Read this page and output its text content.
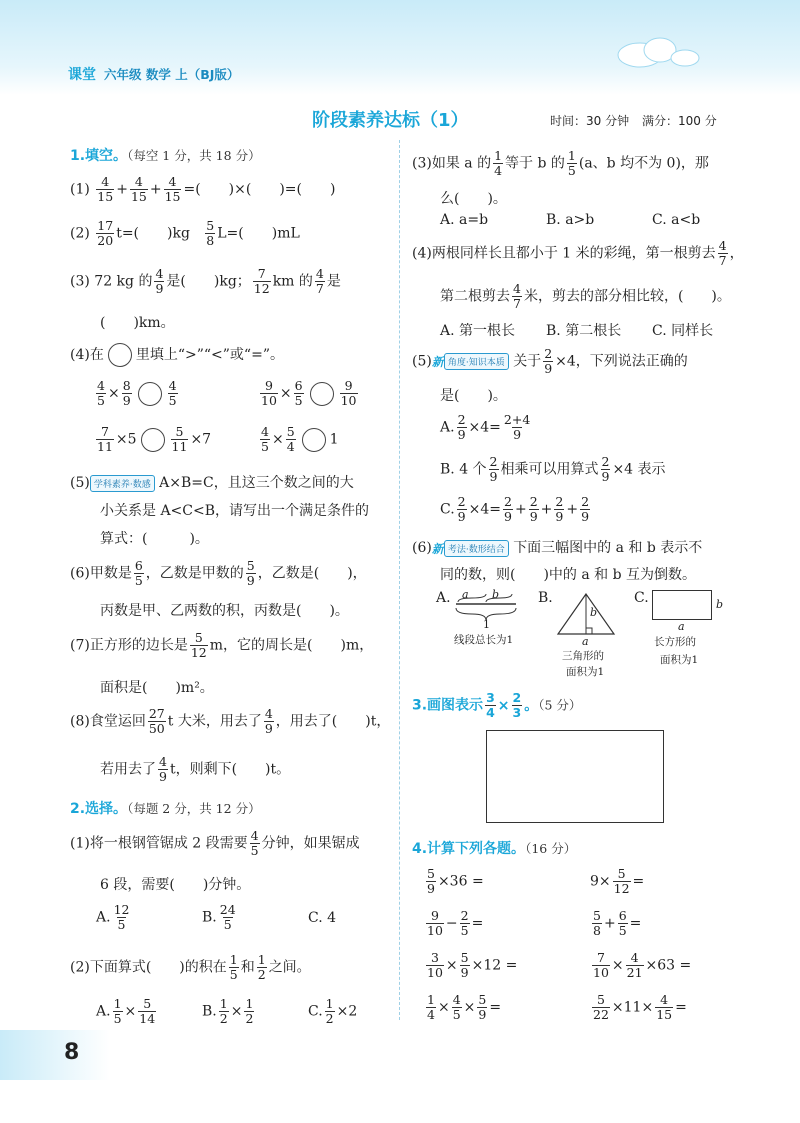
课堂 六年级 数学 上（BJ版）
阶段素养达标（1）	时间：30 分钟 满分：100 分
1.填空。（每空 1 分，共 18 分）
$(1) \frac{4}{15} + \frac{4}{15} + \frac{4}{15}$ =(　　)×(　　)=(　　)
$(2) \frac{17}{20} t=$(　　)$kg \frac{5}{8} L=$(　　)mL
(3) 72 kg 的 $\frac{4}{9}$ 是(　　)kg； $\frac{7}{12}$ km 的 $\frac{4}{7}$ 是
(　　)km。
(4)在 里填上“>”“<”或“=”。
$\frac{4}{5} \times \frac{8}{9}$	$\frac{4}{5}$	$\frac{9}{10} \times \frac{6}{5}$	$\frac{9}{10}$
$\frac{7}{11} \times 5$	$\frac{5}{11} \times 7$	$\frac{4}{5} \times \frac{5}{4} 1$
(5) 学科素养·数感 A×B=C，且这三个数之间的大
小关系是 A<C<B，请写出一个满足条件的
算式：(　　　)。
(6)甲数是 $\frac{6}{5}$ ，乙数是甲数的 $\frac{5}{9}$ ，乙数是(　　)，
丙数是甲、乙两数的积，丙数是(　　)。
(7)正方形的边长是 $\frac{5}{12}$ m，它的周长是(　　)m，
面积是(　　)m²。
(8)食堂运回 $\frac{27}{50}$ t 大米，用去了 $\frac{4}{9}$ ，用去了(　　)t，
若用去了 $\frac{4}{9}$ t，则剩下(　　)t。
2.选择。（每题 2 分，共 12 分）
(1)将一根钢管锯成 2 段需要 $\frac{4}{5}$ 分钟，如果锯成
6 段，需要(　　)分钟。
A. $\frac{12}{5}$	B. $\frac{24}{5}$	C. 4
(2)下面算式(　　)的积在 $\frac{1}{5}$ 和 $\frac{1}{2}$ 之间。
A. $\frac{1}{5} \times \frac{5}{14}$	B. $\frac{1}{2} \times \frac{1}{2}$	C. $\frac{1}{2} \times 2$
(3)如果 a 的 $\frac{1}{4}$ 等于 b 的 $\frac{1}{5} (a$、b 均不为 0)，那
么(　　)。
A. a=b	B. a>b	C. a<b
(4)两根同样长且都小于 1 米的彩绳，第一根剪去 $\frac{4}{7}$ ，
第二根剪去 $\frac{4}{7}$ 米，剪去的部分相比较，(　　)。
A. 第一根长 B. 第二根长 C. 同样长
(5)新 角度·知识本质 关于 $\frac{2}{9} \times 4$，下列说法正确的
是(　　)。
A. $\frac{2}{9} \times 4= \frac{2+4}{9}$
B. 4 个 $\frac{2}{9}$ 相乘可以用算式 $\frac{2}{9} \times 4$ 表示
C. $\frac{2}{9} \times 4= \frac{2}{9} + \frac{2}{9} + \frac{2}{9} + \frac{2}{9}$
(6)新 考法·数形结合 下面三幅图中的 a 和 b 表示不
同的数，则(　　)中的 a 和 b 互为倒数。
A. a b
1
线段总长为1
B.
b
a
三角形的
面积为1
C.	b
a
长方形的
面积为1
3.画图表示 $\frac{3}{4} \times \frac{2}{3}$ 。（5 分）
4.计算下列各题。（16 分）
$\frac{5}{9} \times 36$ =	$9\times \frac{5}{12}$ =
$\frac{9}{10} - \frac{2}{5}$ =	$\frac{5}{8} + \frac{6}{5}$ =
$\frac{3}{10} \times \frac{5}{9} \times 12$ =	$\frac{7}{10} \times \frac{4}{21} \times 63$ =
$\frac{1}{4} \times \frac{4}{5} \times \frac{5}{9}$ =	$\frac{5}{22} \times 11\times \frac{4}{15}$ =
8
